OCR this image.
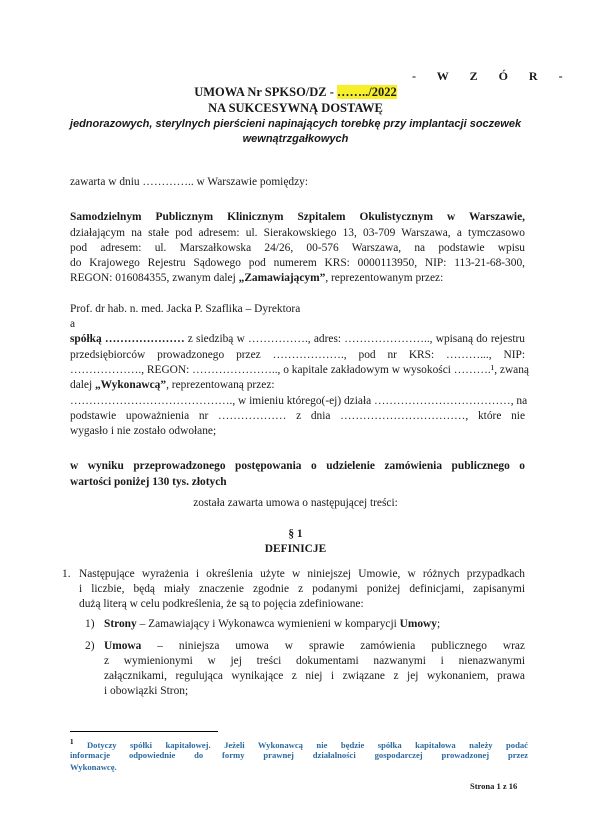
- W Z Ó R -
UMOWA Nr SPKSO/DZ - ……../2022
NA SUKCESYWNĄ DOSTAWĘ
jednorazowych, sterylnych pierścieni napinających torebkę przy implantacji soczewek
wewnątrzgałkowych
zawarta w dniu ………….. w Warszawie pomiędzy:
Samodzielnym Publicznym Klinicznym Szpitalem Okulistycznym w Warszawie,
działającym na stałe pod adresem: ul. Sierakowskiego 13, 03-709 Warszawa, a tymczasowo
pod adresem: ul. Marszałkowska 24/26, 00-576 Warszawa, na podstawie wpisu
do Krajowego Rejestru Sądowego pod numerem KRS: 0000113950, NIP: 113-21-68-300,
REGON: 016084355, zwanym dalej „Zamawiającym”, reprezentowanym przez:
Prof. dr hab. n. med. Jacka P. Szaflika – Dyrektora
a
spółką ………………… z siedzibą w ……………., adres: ………………….., wpisaną do rejestru
przedsiębiorców prowadzonego przez ………………., pod nr KRS: ………..., NIP:
………………., REGON: ………………….., o kapitale zakładowym w wysokości ……….¹, zwaną
dalej „Wykonawcą”, reprezentowaną przez:
……………………………………., w imieniu którego(-ej) działa ………………………………, na
podstawie upoważnienia nr ……………… z dnia ……………………………, które nie
wygasło i nie zostało odwołane;
w wyniku przeprowadzonego postępowania o udzielenie zamówienia publicznego o
wartości poniżej 130 tys. złotych
została zawarta umowa o następującej treści:
§ 1
DEFINICJE
1. Następujące wyrażenia i określenia użyte w niniejszej Umowie, w różnych przypadkach
i liczbie, będą miały znaczenie zgodnie z podanymi poniżej definicjami, zapisanymi
dużą literą w celu podkreślenia, że są to pojęcia zdefiniowane:
1) Strony – Zamawiający i Wykonawca wymienieni w komparycji Umowy;
2) Umowa – niniejsza umowa w sprawie zamówienia publicznego wraz
z wymienionymi w jej treści dokumentami nazwanymi i nienazwanymi
załącznikami, regulująca wynikające z niej i związane z jej wykonaniem, prawa
i obowiązki Stron;
$^1$ Dotyczy spółki kapitałowej. Jeżeli Wykonawcą nie będzie spółka kapitałowa należy podać
informacje odpowiednie do formy prawnej działalności gospodarczej prowadzonej przez
Wykonawcę.
Strona 1 z 16
